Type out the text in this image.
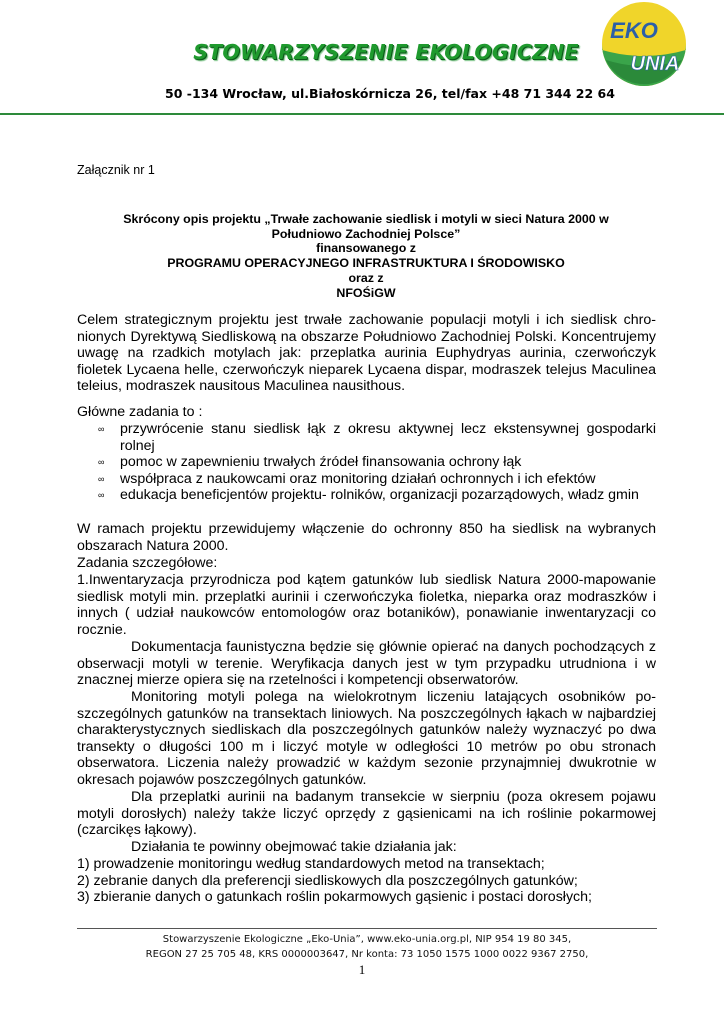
STOWARZYSZENIE EKOLOGICZNE
50 -134 Wrocław, ul.Białoskórnicza 26, tel/fax +48 71 344 22 64
EKO
UNIA
Załącznik nr 1
Skrócony opis projektu „Trwałe zachowanie siedlisk i motyli w sieci Natura 2000 w
Południowo Zachodniej Polsce”
finansowanego z
PROGRAMU OPERACYJNEGO INFRASTRUKTURA I ŚRODOWISKO
oraz z
NFOŚiGW
Celem strategicznym projektu jest trwałe zachowanie populacji motyli i ich siedlisk chronionych Dyrektywą Siedliskową na obszarze Południowo Zachodniej Polski. Koncentrujemy uwagę na rzadkich motylach jak: przeplatka aurinia Euphydryas aurinia, czerwończyk fioletek Lycaena helle, czerwończyk nieparek Lycaena dispar, modraszek telejus Maculinea teleius, modraszek nausitous Maculinea nausithous.
Główne zadania to :
∞ przywrócenie stanu siedlisk łąk z okresu aktywnej lecz ekstensywnej gospodarki rolnej
∞ pomoc w zapewnieniu trwałych źródeł finansowania ochrony łąk
∞ współpraca z naukowcami oraz monitoring działań ochronnych i ich efektów
∞ edukacja beneficjentów projektu- rolników, organizacji pozarządowych, władz gmin
W ramach projektu przewidujemy włączenie do ochronny 850 ha siedlisk na wybranych obszarach Natura 2000.
Zadania szczegółowe:
1.Inwentaryzacja przyrodnicza pod kątem gatunków lub siedlisk Natura 2000-mapowanie siedlisk motyli min. przeplatki aurinii i czerwończyka fioletka, nieparka oraz modraszków i innych ( udział naukowców entomologów oraz botaników), ponawianie inwentaryzacji co rocznie.
Dokumentacja faunistyczna będzie się głównie opierać na danych pochodzących z obserwacji motyli w terenie. Weryfikacja danych jest w tym przypadku utrudniona i w znacznej mierze opiera się na rzetelności i kompetencji obserwatorów.
Monitoring motyli polega na wielokrotnym liczeniu latających osobników poszczególnych gatunków na transektach liniowych. Na poszczególnych łąkach w najbardziej charakterystycznych siedliskach dla poszczególnych gatunków należy wyznaczyć po dwa transekty o długości 100 m i liczyć motyle w odległości 10 metrów po obu stronach obserwatora. Liczenia należy prowadzić w każdym sezonie przynajmniej dwukrotnie w okresach pojawów poszczególnych gatunków.
Dla przeplatki aurinii na badanym transekcie w sierpniu (poza okresem pojawu motyli dorosłych) należy także liczyć oprzędy z gąsienicami na ich roślinie pokarmowej (czarcikęs łąkowy).
Działania te powinny obejmować takie działania jak:
1) prowadzenie monitoringu według standardowych metod na transektach;
2) zebranie danych dla preferencji siedliskowych dla poszczególnych gatunków;
3) zbieranie danych o gatunkach roślin pokarmowych gąsienic i postaci dorosłych;
Stowarzyszenie Ekologiczne „Eko-Unia”, www.eko-unia.org.pl, NIP 954 19 80 345,
REGON 27 25 705 48, KRS 0000003647, Nr konta: 73 1050 1575 1000 0022 9367 2750,
1
